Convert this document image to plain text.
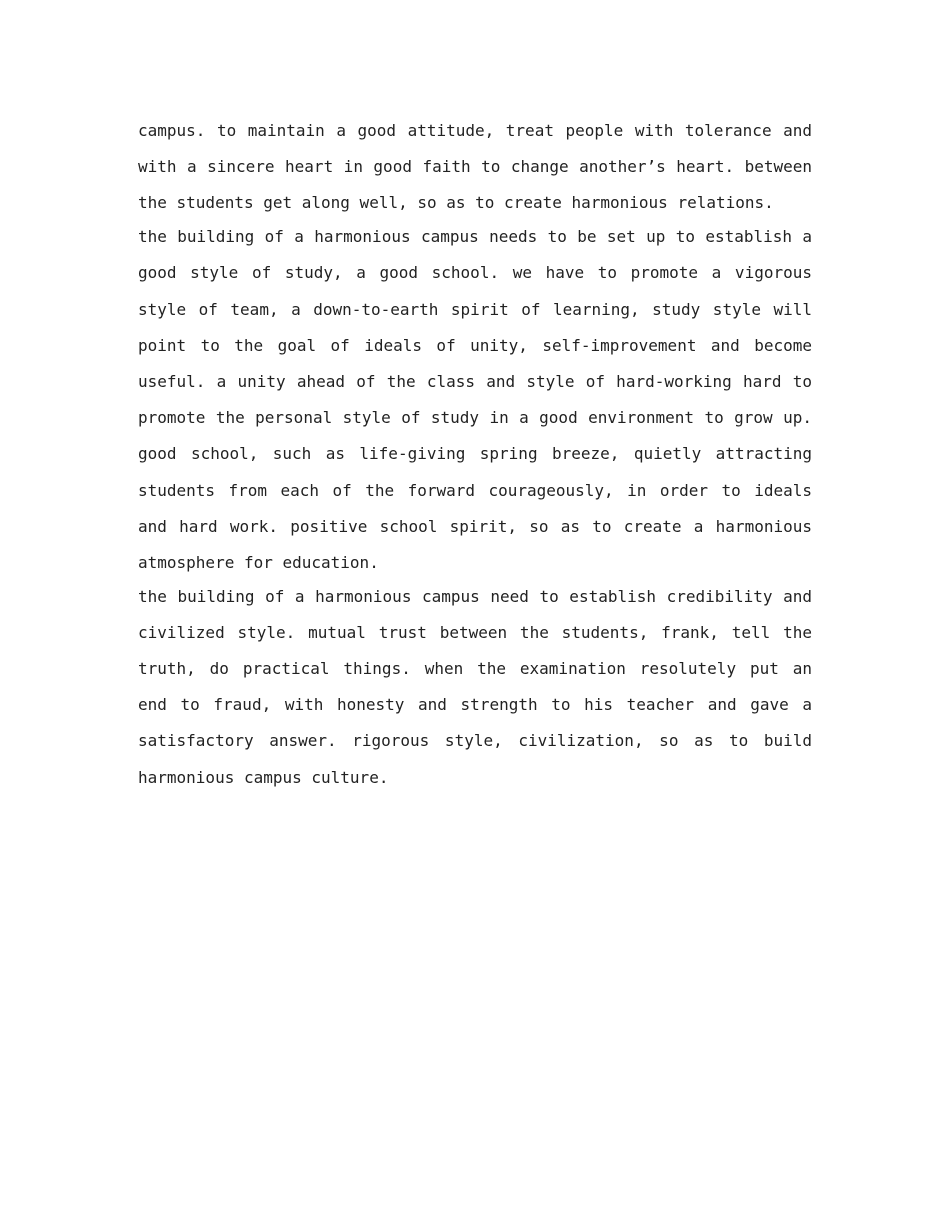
campus. to maintain a good attitude, treat people with tolerance and with a sincere heart in good faith to change another’s heart. between the students get along well, so as to create harmonious relations.

the building of a harmonious campus needs to be set up to establish a good style of study, a good school. we have to promote a vigorous style of team, a down-to-earth spirit of learning, study style will point to the goal of ideals of unity, self-improvement and become useful. a unity ahead of the class and style of hard-working hard to promote the personal style of study in a good environment to grow up. good school, such as life-giving spring breeze, quietly attracting students from each of the forward courageously, in order to ideals and hard work. positive school spirit, so as to create a harmonious atmosphere for education.

the building of a harmonious campus need to establish credibility and civilized style. mutual trust between the students, frank, tell the truth, do practical things. when the examination resolutely put an end to fraud, with honesty and strength to his teacher and gave a satisfactory answer. rigorous style, civilization, so as to build harmonious campus culture.
